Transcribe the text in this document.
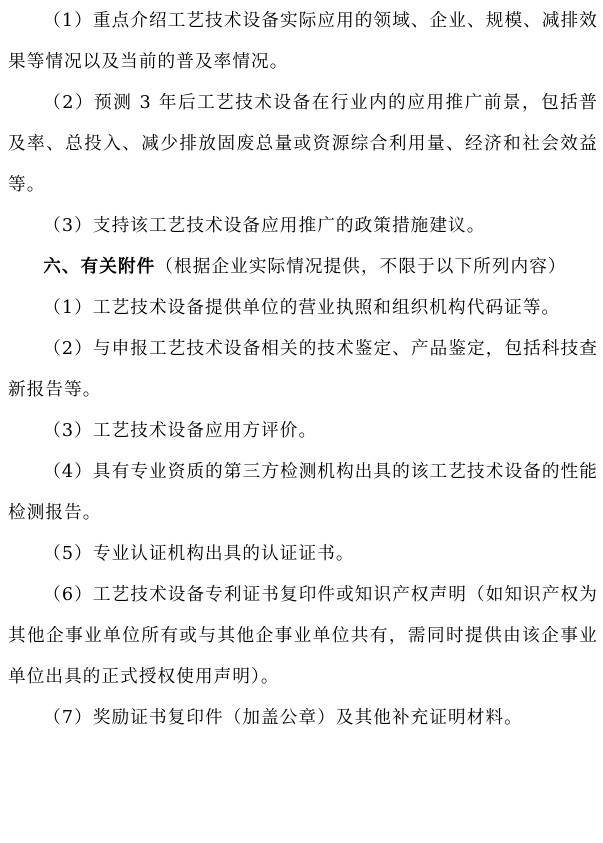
（1）重点介绍工艺技术设备实际应用的领域、企业、规模、减排效果等情况以及当前的普及率情况。

（2）预测 3 年后工艺技术设备在行业内的应用推广前景，包括普及率、总投入、减少排放固废总量或资源综合利用量、经济和社会效益等。

（3）支持该工艺技术设备应用推广的政策措施建议。

六、有关附件（根据企业实际情况提供，不限于以下所列内容）

（1）工艺技术设备提供单位的营业执照和组织机构代码证等。

（2）与申报工艺技术设备相关的技术鉴定、产品鉴定，包括科技查新报告等。

（3）工艺技术设备应用方评价。

（4）具有专业资质的第三方检测机构出具的该工艺技术设备的性能检测报告。

（5）专业认证机构出具的认证证书。

（6）工艺技术设备专利证书复印件或知识产权声明（如知识产权为其他企事业单位所有或与其他企事业单位共有，需同时提供由该企事业单位出具的正式授权使用声明）。

（7）奖励证书复印件（加盖公章）及其他补充证明材料。
